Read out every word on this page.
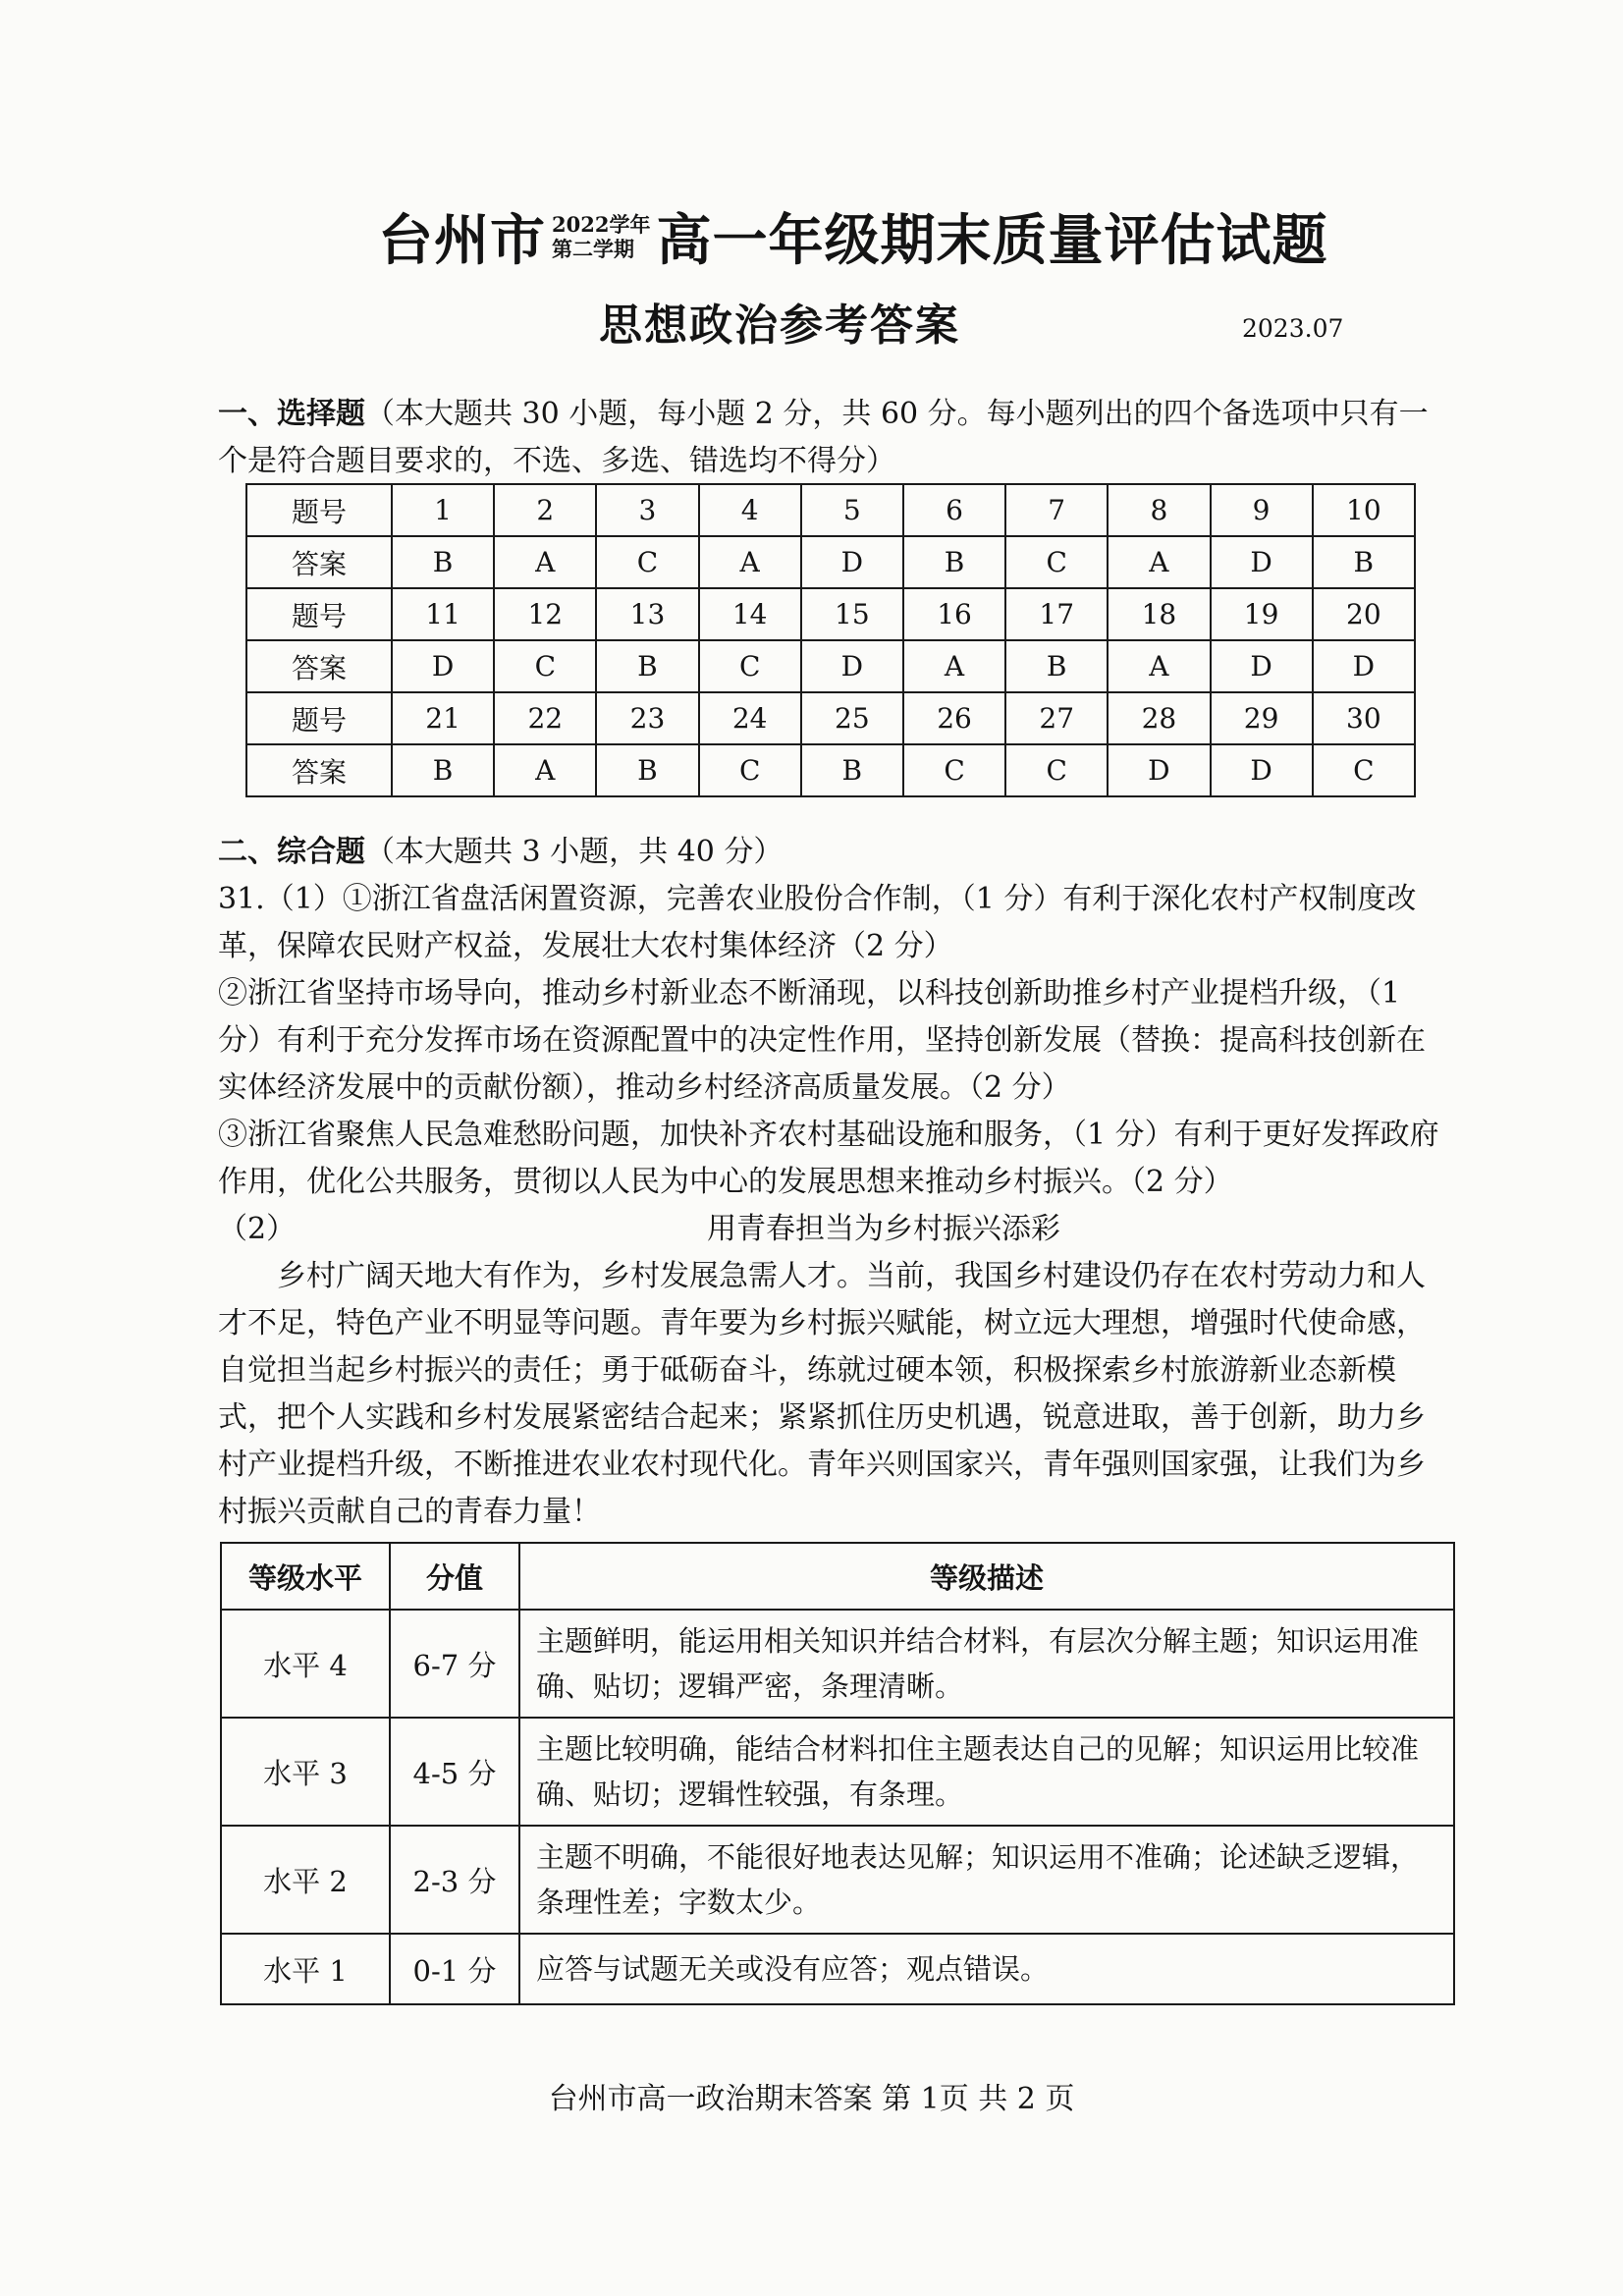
台州市 2022学年
第二学期 高一年级期末质量评估试题
思想政治参考答案	2023.07
一、选择题（本大题共 30 小题，每小题 2 分，共 60 分。每小题列出的四个备选项中只有一个是符合题目要求的，不选、多选、错选均不得分）
题号	1	2	3	4	5	6	7	8	9	10
答案	B	A	C	A	D	B	C	A	D	B
题号	11	12	13	14	15	16	17	18	19	20
答案	D	C	B	C	D	A	B	A	D	D
题号	21	22	23	24	25	26	27	28	29	30
答案	B	A	B	C	B	C	C	D	D	C
二、综合题（本大题共 3 小题，共 40 分）
31.（1）①浙江省盘活闲置资源，完善农业股份合作制，（1 分）有利于深化农村产权制度改革，保障农民财产权益，发展壮大农村集体经济（2 分）
②浙江省坚持市场导向，推动乡村新业态不断涌现，以科技创新助推乡村产业提档升级，（1 分）有利于充分发挥市场在资源配置中的决定性作用，坚持创新发展（替换：提高科技创新在实体经济发展中的贡献份额），推动乡村经济高质量发展。（2 分）
③浙江省聚焦人民急难愁盼问题，加快补齐农村基础设施和服务，（1 分）有利于更好发挥政府作用，优化公共服务，贯彻以人民为中心的发展思想来推动乡村振兴。（2 分）
（2）	用青春担当为乡村振兴添彩
乡村广阔天地大有作为，乡村发展急需人才。当前，我国乡村建设仍存在农村劳动力和人才不足，特色产业不明显等问题。青年要为乡村振兴赋能，树立远大理想，增强时代使命感，自觉担当起乡村振兴的责任；勇于砥砺奋斗，练就过硬本领，积极探索乡村旅游新业态新模式，把个人实践和乡村发展紧密结合起来；紧紧抓住历史机遇，锐意进取，善于创新，助力乡村产业提档升级，不断推进农业农村现代化。青年兴则国家兴，青年强则国家强，让我们为乡村振兴贡献自己的青春力量！
等级水平	分值	等级描述
水平 4	6-7 分	主题鲜明，能运用相关知识并结合材料，有层次分解主题；知识运用准确、贴切；逻辑严密，条理清晰。
水平 3	4-5 分	主题比较明确，能结合材料扣住主题表达自己的见解；知识运用比较准确、贴切；逻辑性较强，有条理。
水平 2	2-3 分	主题不明确，不能很好地表达见解；知识运用不准确；论述缺乏逻辑，条理性差；字数太少。
水平 1	0-1 分	应答与试题无关或没有应答；观点错误。
台州市高一政治期末答案 第 1页 共 2 页
